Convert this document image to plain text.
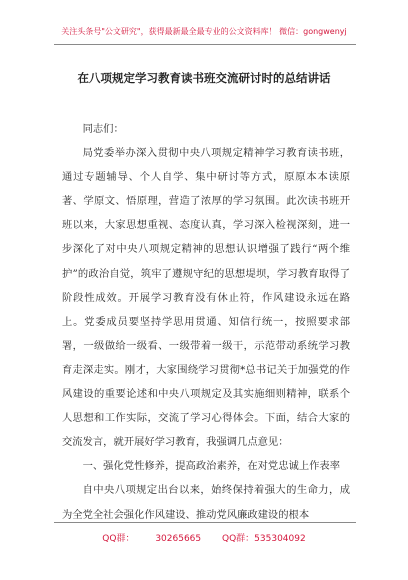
关注头条号"公文研究"，获得最新最全最专业的公文资料库！ 微信：gongwenyj
在八项规定学习教育读书班交流研讨时的总结讲话

同志们：

局党委举办深入贯彻中央八项规定精神学习教育读书班，通过专题辅导、个人自学、集中研讨等方式，原原本本读原著、学原文、悟原理，营造了浓厚的学习氛围。此次读书班开班以来，大家思想重视、态度认真，学习深入检视深刻，进一步深化了对中央八项规定精神的思想认识增强了践行“两个维护”的政治自觉，筑牢了遵规守纪的思想堤坝，学习教育取得了阶段性成效。开展学习教育没有休止符，作风建设永远在路上。党委成员要坚持学思用贯通、知信行统一，按照要求部署，一级做给一级看、一级带着一级干，示范带动系统学习教育走深走实。刚才，大家围绕学习贯彻*总书记关于加强党的作风建设的重要论述和中央八项规定及其实施细则精神，联系个人思想和工作实际，交流了学习心得体会。下面，结合大家的交流发言，就开展好学习教育，我强调几点意见：

一、强化党性修养，提高政治素养，在对党忠诚上作表率

自中央八项规定出台以来，始终保持着强大的生命力，成为全党全社会强化作风建设、推动党风廉政建设的根本

QQ群： 30265665 QQ群：535304092
